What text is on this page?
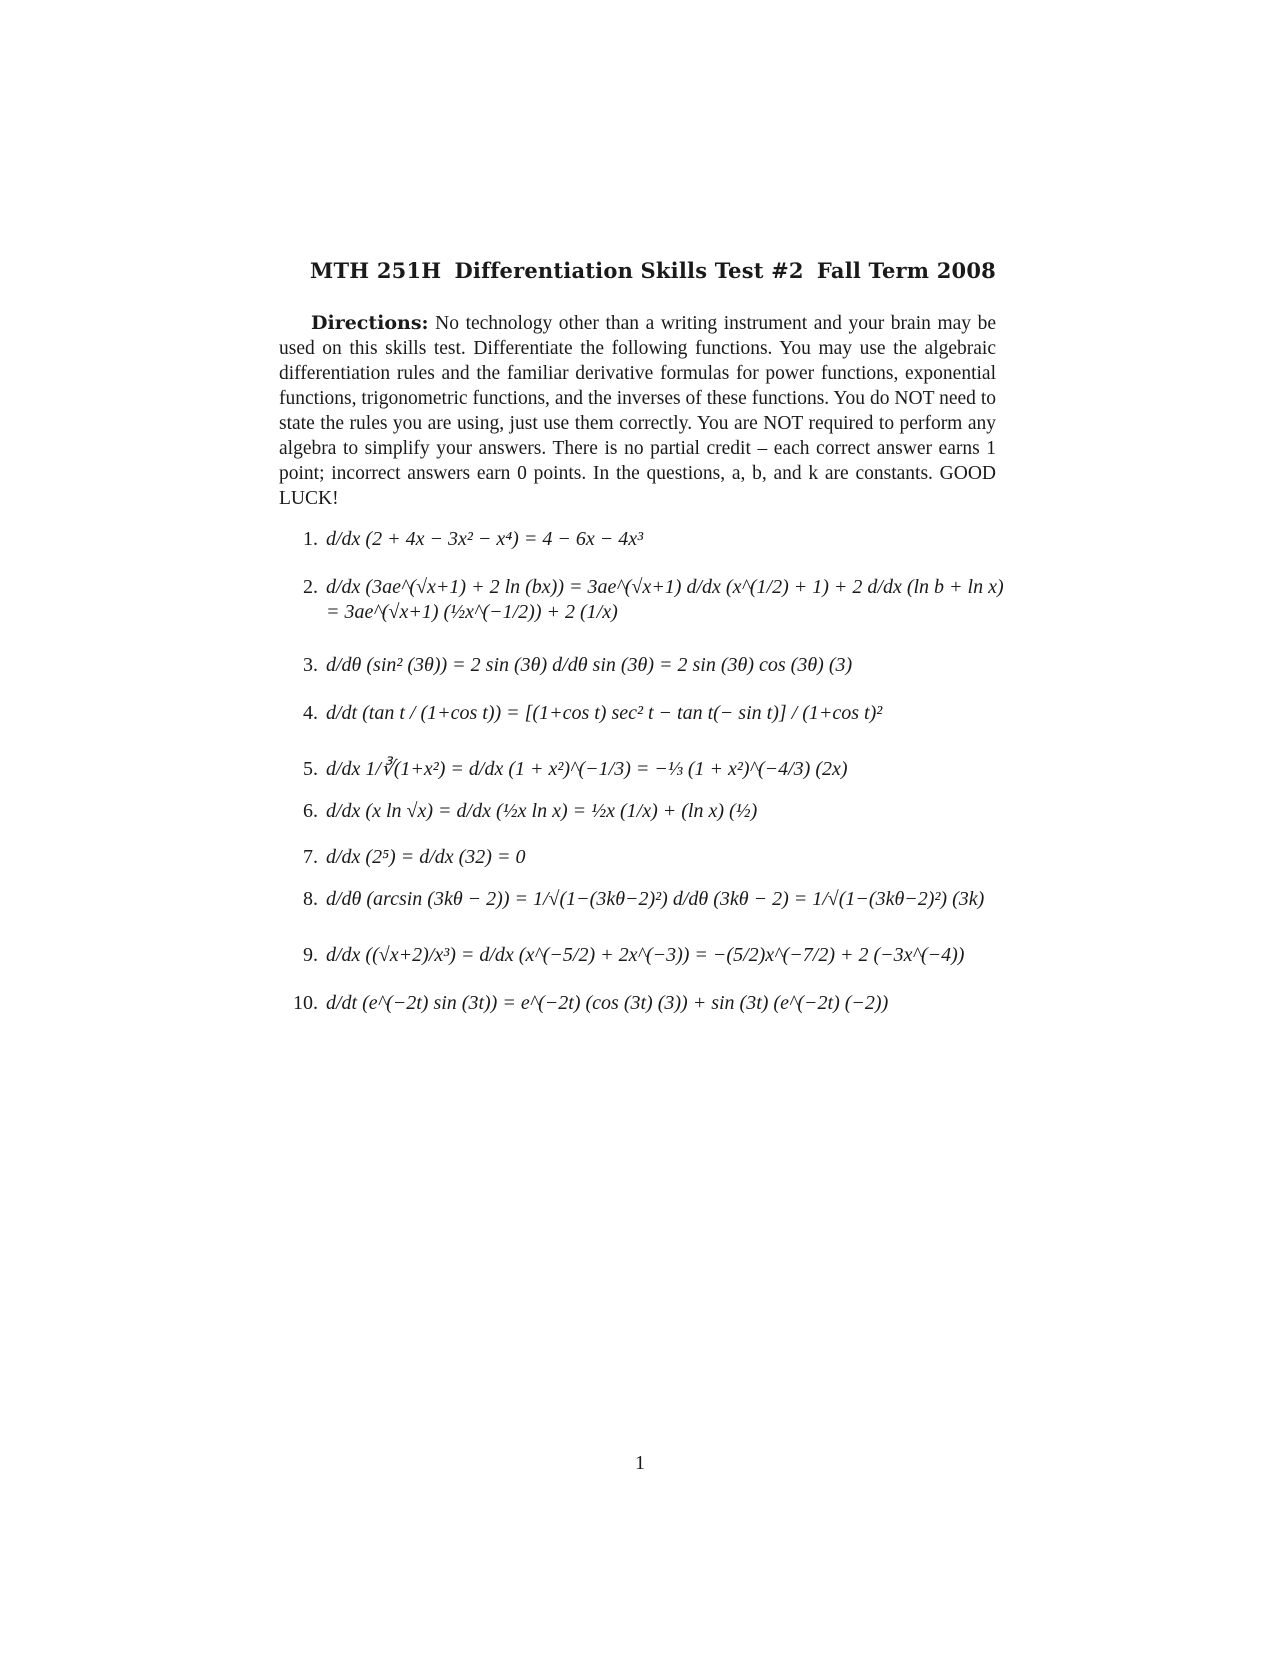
MTH 251H Differentiation Skills Test #2 Fall Term 2008
Directions: No technology other than a writing instrument and your brain may be used on this skills test. Differentiate the following functions. You may use the algebraic differentiation rules and the familiar derivative formulas for power functions, exponential functions, trigonometric functions, and the inverses of these functions. You do NOT need to state the rules you are using, just use them correctly. You are NOT required to perform any algebra to simplify your answers. There is no partial credit – each correct answer earns 1 point; incorrect answers earn 0 points. In the questions, a, b, and k are constants. GOOD LUCK!
1. d/dx (2 + 4x − 3x² − x⁴) = 4 − 6x − 4x³
2. d/dx (3ae^(√x+1) + 2 ln (bx)) = 3ae^(√x+1) d/dx (x^(1/2) + 1) + 2 d/dx (ln b + ln x)
= 3ae^(√x+1) (½x^(−1/2)) + 2 (1/x)
3. d/dθ (sin² (3θ)) = 2 sin (3θ) d/dθ sin (3θ) = 2 sin (3θ) cos (3θ) (3)
4. d/dt (tan t / (1+cos t)) = [(1+cos t) sec² t − tan t(− sin t)] / (1+cos t)²
5. d/dx 1/∛(1+x²) = d/dx (1 + x²)^(−1/3) = −⅓ (1 + x²)^(−4/3) (2x)
6. d/dx (x ln √x) = d/dx (½x ln x) = ½x (1/x) + (ln x) (½)
7. d/dx (2⁵) = d/dx (32) = 0
8. d/dθ (arcsin (3kθ − 2)) = 1/√(1−(3kθ−2)²) d/dθ (3kθ − 2) = 1/√(1−(3kθ−2)²) (3k)
9. d/dx ((√x+2)/x³) = d/dx (x^(−5/2) + 2x^(−3)) = −(5/2)x^(−7/2) + 2 (−3x^(−4))
10. d/dt (e^(−2t) sin (3t)) = e^(−2t) (cos (3t) (3)) + sin (3t) (e^(−2t) (−2))
1
